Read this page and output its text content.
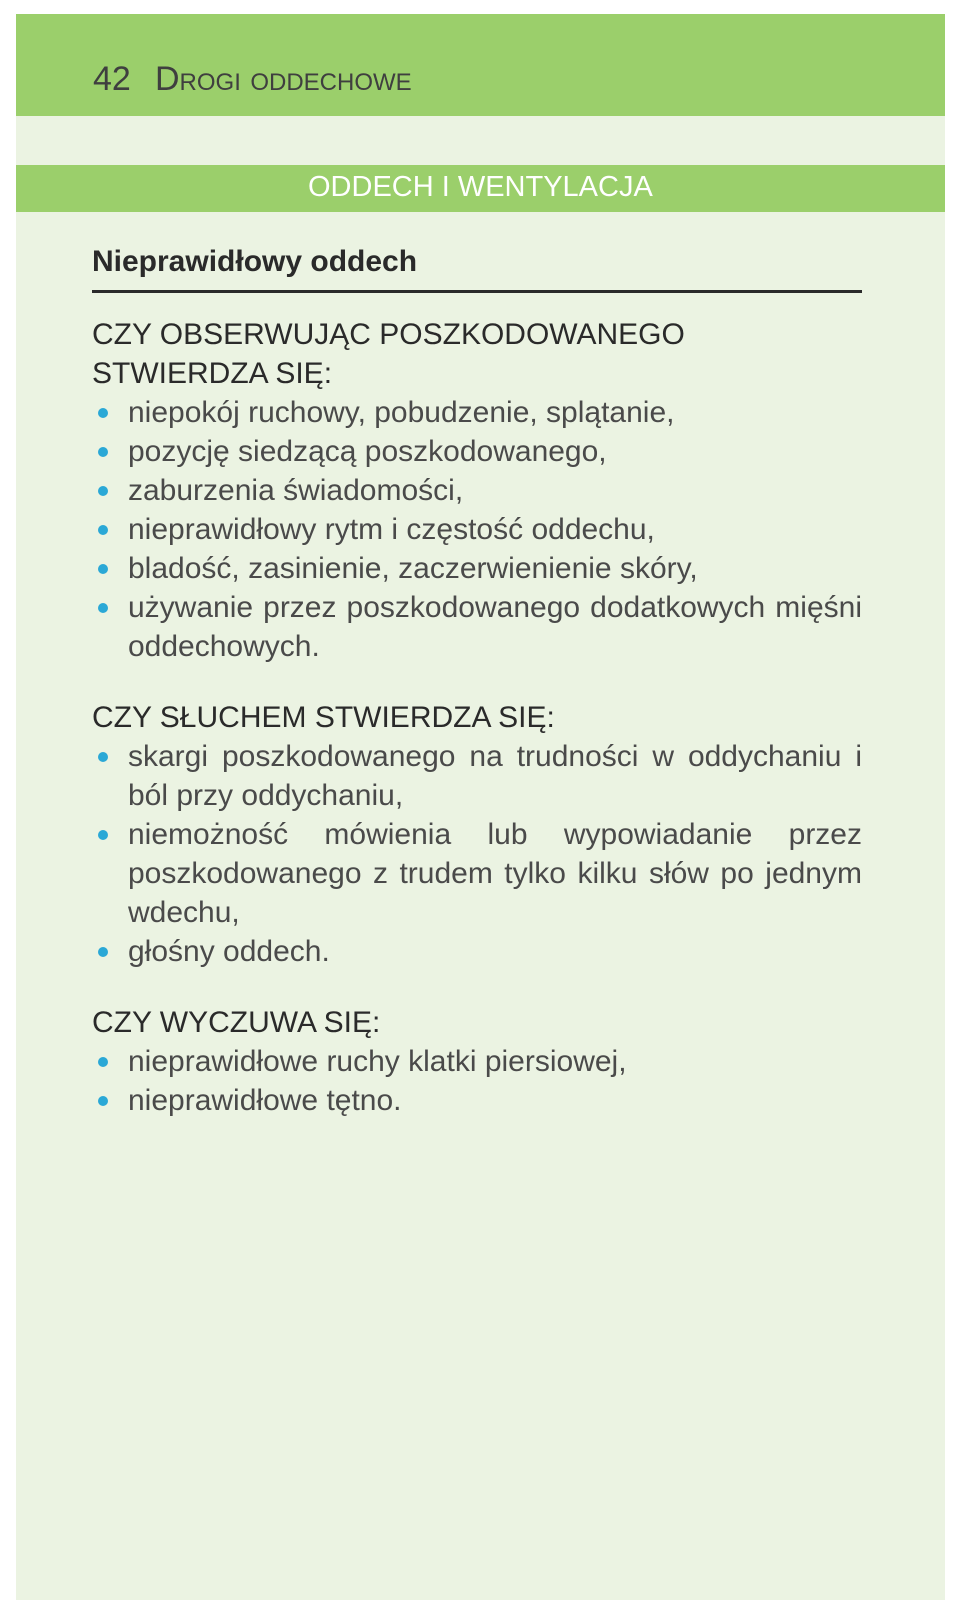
42 Drogi oddechowe
ODDECH I WENTYLACJA
Nieprawidłowy oddech

CZY OBSERWUJĄC POSZKODOWANEGO STWIERDZA SIĘ:

niepokój ruchowy, pobudzenie, splątanie,
pozycję siedzącą poszkodowanego,
zaburzenia świadomości,
nieprawidłowy rytm i częstość oddechu,
bladość, zasinienie, zaczerwienienie skóry,
używanie przez poszkodowanego dodatkowych mięśni oddechowych.

CZY SŁUCHEM STWIERDZA SIĘ:

skargi poszkodowanego na trudności w oddychaniu i ból przy oddychaniu,
niemożność mówienia lub wypowiadanie przez poszkodowanego z trudem tylko kilku słów po jednym wdechu,
głośny oddech.

CZY WYCZUWA SIĘ:

nieprawidłowe ruchy klatki piersiowej,
nieprawidłowe tętno.
